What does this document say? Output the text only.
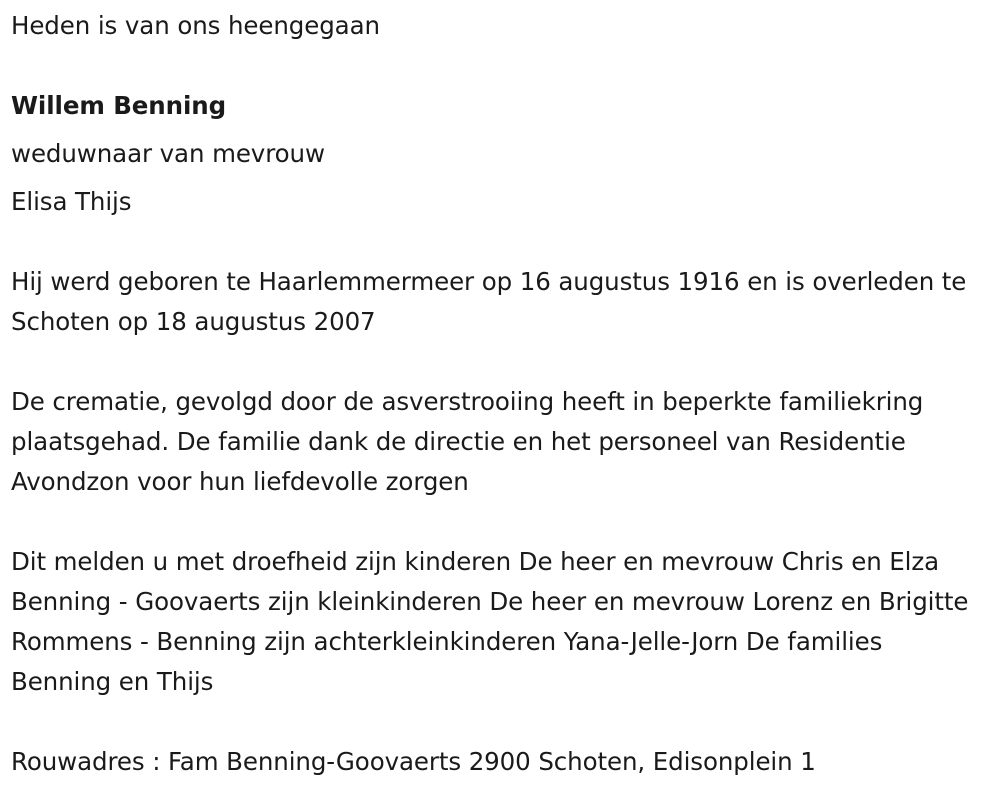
Heden is van ons heengegaan

Willem Benning

weduwnaar van mevrouw

Elisa Thijs

Hij werd geboren te Haarlemmermeer op 16 augustus 1916 en is overleden te Schoten op 18 augustus 2007

De crematie, gevolgd door de asverstrooiing heeft in beperkte familiekring plaatsgehad. De familie dank de directie en het personeel van Residentie Avondzon voor hun liefdevolle zorgen

Dit melden u met droefheid zijn kinderen De heer en mevrouw Chris en Elza Benning - Goovaerts zijn kleinkinderen De heer en mevrouw Lorenz en Brigitte Rommens - Benning zijn achterkleinkinderen Yana-Jelle-Jorn De families Benning en Thijs

Rouwadres : Fam Benning-Goovaerts 2900 Schoten, Edisonplein 1
